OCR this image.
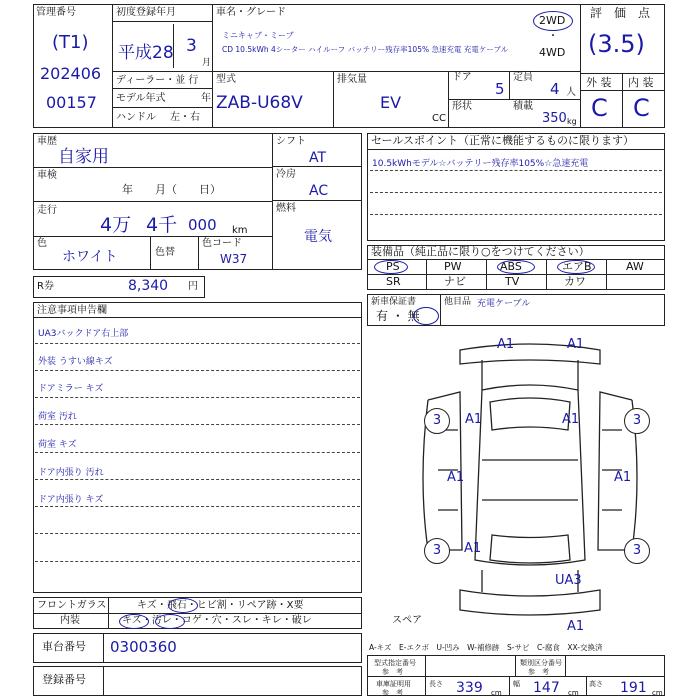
管理番号
(T1)
202406
00157
初度登録年月
平成28 3
月
ディーラー・並 行
モデル年式	年
ハンドル 左・右
車名・グレード
ミニキャブ・ミーブ
CD 10.5kWh 4シーター ハイルーフ バッテリー残存率105% 急速充電 充電ケーブル
2WD
・
4WD
型式
ZAB-U68V
排気量
EV
CC
ドア
5
定員
4 人
形状	積載
350 kg
評　価　点
(3.5)
外 装 内 装
C C
車歴
自家用
車検
年　　月（　　日）
走行
4万 4千 000 km
色
ホワイト	色替
色コード
W37
シフト
AT
冷房
AC
燃料
電気
R券	8,340 円
セールスポイント（正常に機能するものに限ります）
10.5kWhモデル☆バッテリー残存率105%☆急速充電
装備品（純正品に限り○をつけてください）
PS	PW	ABS	エアB	AW
SR	ナビ	TV	カワ
新車保証書
有 ・ 無
他目品 充電ケーブル
注意事項申告欄
UA3バックドア右上部
外装 うすい線キズ
ドアミラー キズ
荷室 汚れ
荷室 キズ
ドア内張り 汚れ
ドア内張り キズ
3	3
3	3
A1	A1
A1	A1
A1	A1
A1
UA3
A1
スペア
フロントガラス	キズ・飛石・ヒビ割・リペア跡・X要
内装	キズ・汚レ・コゲ・穴・スレ・キレ・破レ
車台番号 0300360
登録番号
A-キズ　E-エクボ　U-凹み　W-補修跡　S-サビ　C-腐食　XX-交換済
型式指定番号
参　考
類別区分番号
参　考
車庫証明用
参　考
長さ 339 cm
幅 147 cm
高さ 191 cm
